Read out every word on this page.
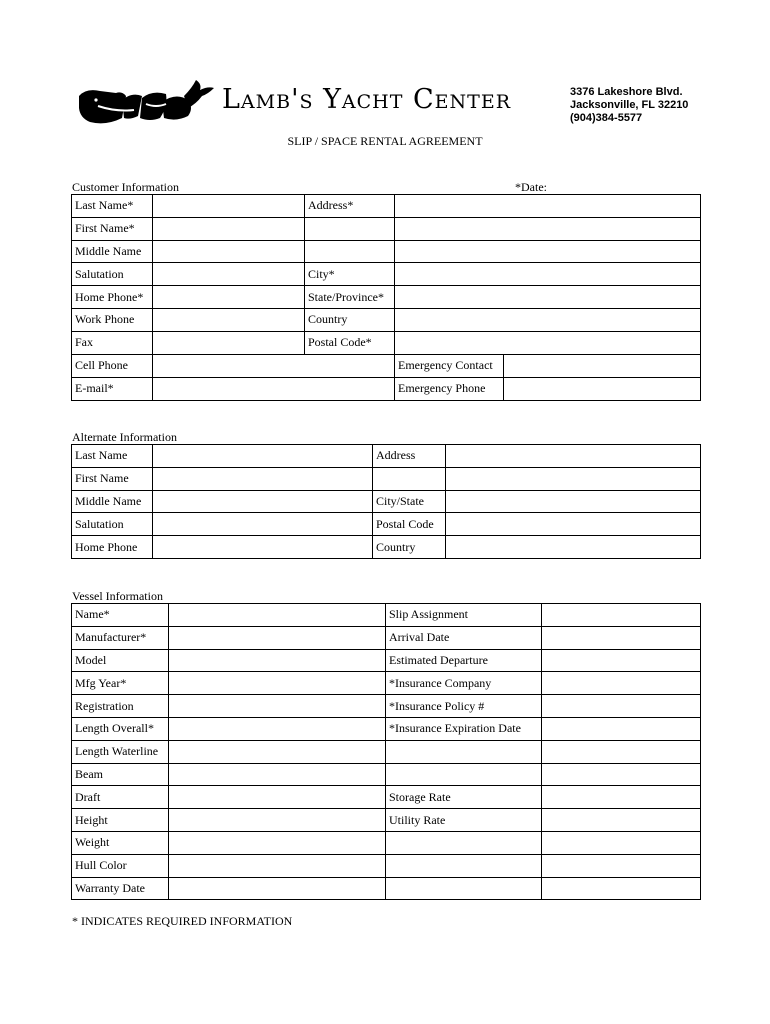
Lamb's Yacht Center	3376 Lakeshore Blvd.
Jacksonville, FL 32210
(904)384-5577
SLIP / SPACE RENTAL AGREEMENT
Customer Information	*Date:
Last Name*		Address*	
First Name*			
Middle Name			
Salutation		City*	
Home Phone*		State/Province*	
Work Phone		Country	
Fax		Postal Code*	
Cell Phone		Emergency Contact	
E-mail*		Emergency Phone	
Alternate Information
Last Name		Address	
First Name			
Middle Name		City/State	
Salutation		Postal Code	
Home Phone		Country	
Vessel Information
Name*		Slip Assignment	
Manufacturer*		Arrival Date	
Model		Estimated Departure	
Mfg Year*		*Insurance Company	
Registration		*Insurance Policy #	
Length Overall*		*Insurance Expiration Date	
Length Waterline			
Beam			
Draft		Storage Rate	
Height		Utility Rate	
Weight			
Hull Color			
Warranty Date			
* INDICATES REQUIRED INFORMATION
